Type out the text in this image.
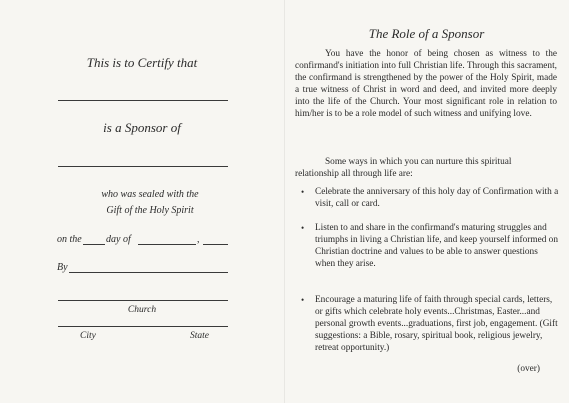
This is to Certify that
is a Sponsor of
who was sealed with the
Gift of the Holy Spirit
on the day of	,
By
Church
City	State
The Role of a Sponsor
You have the honor of being chosen as witness to the confirmand's initiation into full Christian life. Through this sacrament, the confirmand is strengthened by the power of the Holy Spirit, made a true witness of Christ in word and deed, and invited more deeply into the life of the Church. Your most significant role in relation to him/her is to be a role model of such witness and unifying love.
Some ways in which you can nurture this spiritual relationship all through life are:
• Celebrate the anniversary of this holy day of Confirmation with a visit, call or card.
• Listen to and share in the confirmand's maturing struggles and triumphs in living a Christian life, and keep yourself informed on Christian doctrine and values to be able to answer questions when they arise.
• Encourage a maturing life of faith through special cards, letters, or gifts which celebrate holy events...Christmas, Easter...and personal growth events...graduations, first job, engagement. (Gift suggestions: a Bible, rosary, spiritual book, religious jewelry, retreat opportunity.)
(over)
